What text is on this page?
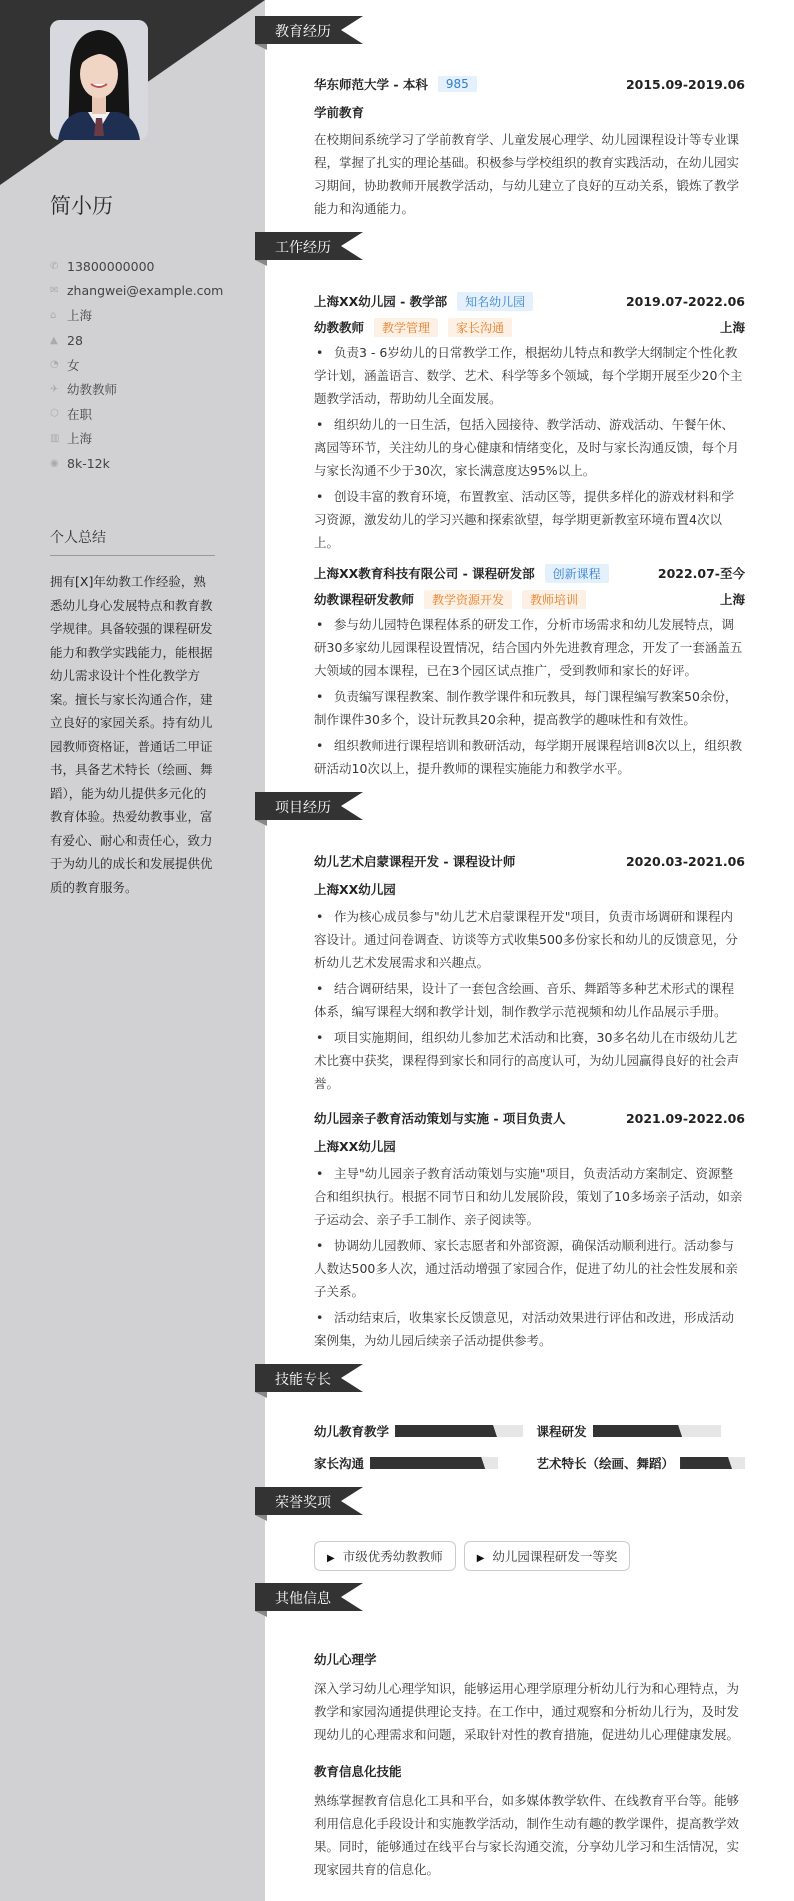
简小历
✆ 13800000000
✉ zhangwei@example.com
⌂ 上海
▲ 28
◔ 女
✈ 幼教教师
⬡ 在职
▥ 上海
◉ 8k-12k
个人总结
拥有[X]年幼教工作经验，熟悉幼儿身心发展特点和教育教学规律。具备较强的课程研发能力和教学实践能力，能根据幼儿需求设计个性化教学方案。擅长与家长沟通合作，建立良好的家园关系。持有幼儿园教师资格证，普通话二甲证书，具备艺术特长（绘画、舞蹈），能为幼儿提供多元化的教育体验。热爱幼教事业，富有爱心、耐心和责任心，致力于为幼儿的成长和发展提供优质的教育服务。
教育经历
华东师范大学 - 本科	985	2015.09-2019.06
学前教育
在校期间系统学习了学前教育学、儿童发展心理学、幼儿园课程设计等专业课程，掌握了扎实的理论基础。积极参与学校组织的教育实践活动，在幼儿园实习期间，协助教师开展教学活动，与幼儿建立了良好的互动关系，锻炼了教学能力和沟通能力。
工作经历
上海XX幼儿园 - 教学部	知名幼儿园	2019.07-2022.06
幼教教师	教学管理	家长沟通	上海
• 负责3 - 6岁幼儿的日常教学工作，根据幼儿特点和教学大纲制定个性化教学计划，涵盖语言、数学、艺术、科学等多个领域，每个学期开展至少20个主题教学活动，帮助幼儿全面发展。
• 组织幼儿的一日生活，包括入园接待、教学活动、游戏活动、午餐午休、离园等环节，关注幼儿的身心健康和情绪变化，及时与家长沟通反馈，每个月与家长沟通不少于30次，家长满意度达95%以上。
• 创设丰富的教育环境，布置教室、活动区等，提供多样化的游戏材料和学习资源，激发幼儿的学习兴趣和探索欲望，每学期更新教室环境布置4次以上。
上海XX教育科技有限公司 - 课程研发部	创新课程	2022.07-至今
幼教课程研发教师	教学资源开发	教师培训	上海
• 参与幼儿园特色课程体系的研发工作，分析市场需求和幼儿发展特点，调研30多家幼儿园课程设置情况，结合国内外先进教育理念，开发了一套涵盖五大领域的园本课程，已在3个园区试点推广，受到教师和家长的好评。
• 负责编写课程教案、制作教学课件和玩教具，每门课程编写教案50余份，制作课件30多个，设计玩教具20余种，提高教学的趣味性和有效性。
• 组织教师进行课程培训和教研活动，每学期开展课程培训8次以上，组织教研活动10次以上，提升教师的课程实施能力和教学水平。
项目经历
幼儿艺术启蒙课程开发 - 课程设计师	2020.03-2021.06
上海XX幼儿园
• 作为核心成员参与"幼儿艺术启蒙课程开发"项目，负责市场调研和课程内容设计。通过问卷调查、访谈等方式收集500多份家长和幼儿的反馈意见，分析幼儿艺术发展需求和兴趣点。
• 结合调研结果，设计了一套包含绘画、音乐、舞蹈等多种艺术形式的课程体系，编写课程大纲和教学计划，制作教学示范视频和幼儿作品展示手册。
• 项目实施期间，组织幼儿参加艺术活动和比赛，30多名幼儿在市级幼儿艺术比赛中获奖，课程得到家长和同行的高度认可，为幼儿园赢得良好的社会声誉。
幼儿园亲子教育活动策划与实施 - 项目负责人	2021.09-2022.06
上海XX幼儿园
• 主导"幼儿园亲子教育活动策划与实施"项目，负责活动方案制定、资源整合和组织执行。根据不同节日和幼儿发展阶段，策划了10多场亲子活动，如亲子运动会、亲子手工制作、亲子阅读等。
• 协调幼儿园教师、家长志愿者和外部资源，确保活动顺利进行。活动参与人数达500多人次，通过活动增强了家园合作，促进了幼儿的社会性发展和亲子关系。
• 活动结束后，收集家长反馈意见，对活动效果进行评估和改进，形成活动案例集，为幼儿园后续亲子活动提供参考。
技能专长
幼儿教育教学	课程研发
家长沟通	艺术特长（绘画、舞蹈）
荣誉奖项
▶ 市级优秀幼教教师	▶ 幼儿园课程研发一等奖
其他信息
幼儿心理学
深入学习幼儿心理学知识，能够运用心理学原理分析幼儿行为和心理特点，为教学和家园沟通提供理论支持。在工作中，通过观察和分析幼儿行为，及时发现幼儿的心理需求和问题，采取针对性的教育措施，促进幼儿心理健康发展。
教育信息化技能
熟练掌握教育信息化工具和平台，如多媒体教学软件、在线教育平台等。能够利用信息化手段设计和实施教学活动，制作生动有趣的教学课件，提高教学效果。同时，能够通过在线平台与家长沟通交流，分享幼儿学习和生活情况，实现家园共育的信息化。
